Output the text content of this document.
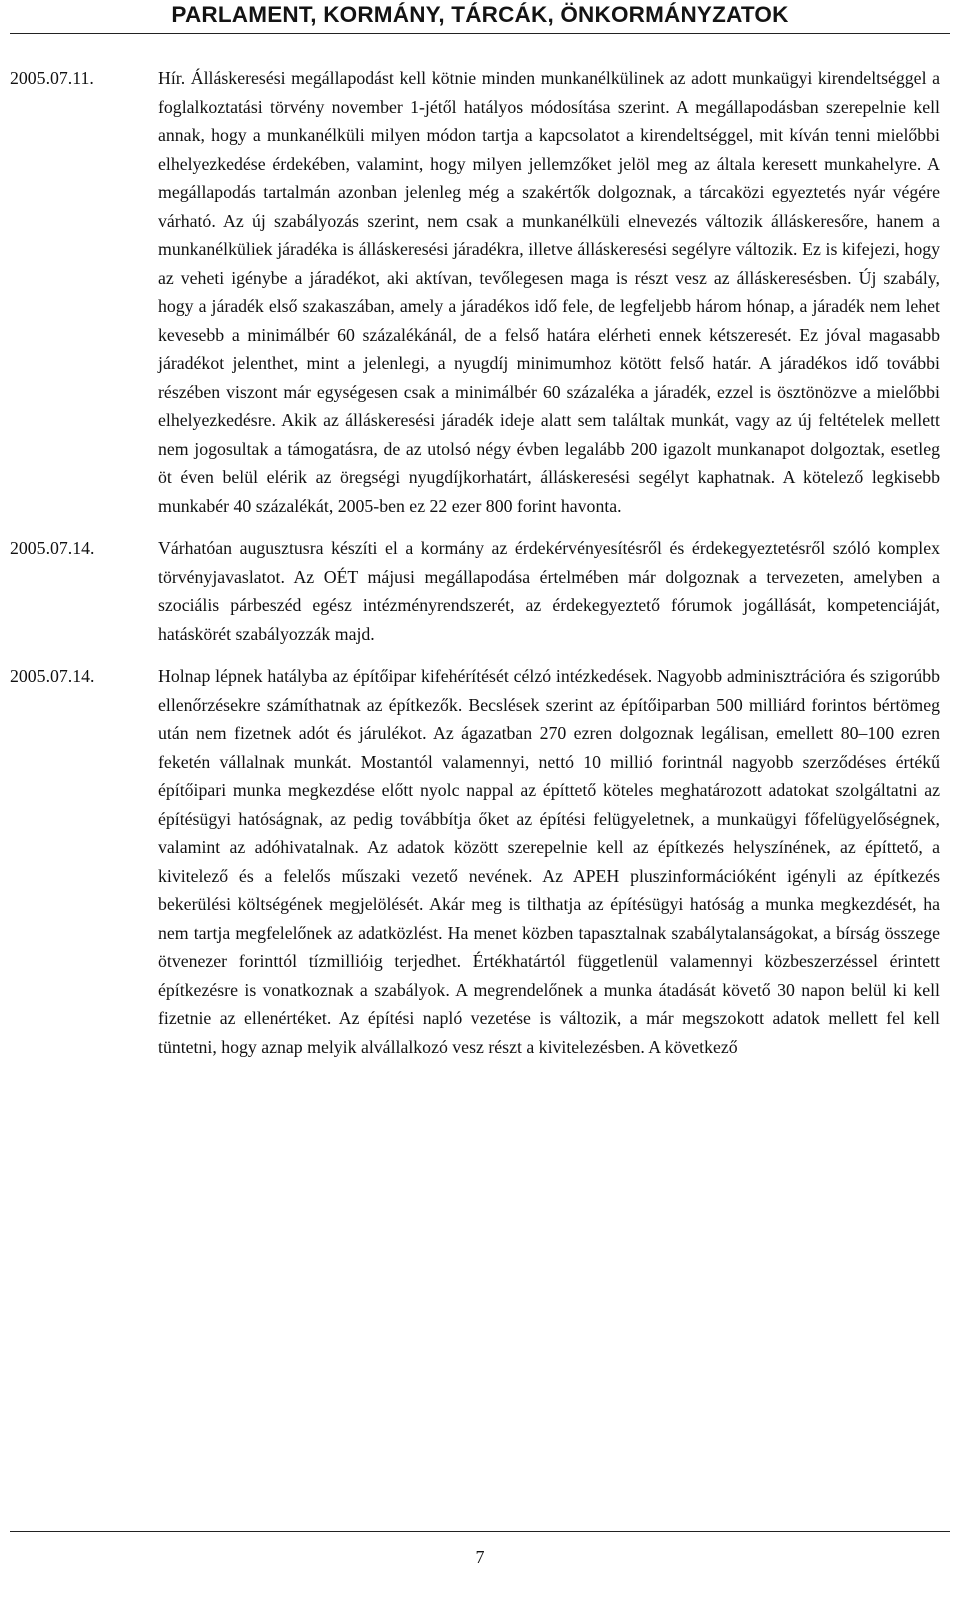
PARLAMENT, KORMÁNY, TÁRCÁK, ÖNKORMÁNYZATOK
2005.07.11.	Hír. Álláskeresési megállapodást kell kötnie minden munkanélkülinek az adott munkaügyi kirendeltséggel a foglalkoztatási törvény november 1-jétől hatályos módosítása szerint. A megállapodásban szerepelnie kell annak, hogy a munkanélküli milyen módon tartja a kapcsolatot a kirendeltséggel, mit kíván tenni mielőbbi elhelyezkedése érdekében, valamint, hogy milyen jellemzőket jelöl meg az általa keresett munkahelyre. A megállapodás tartalmán azonban jelenleg még a szakértők dolgoznak, a tárcaközi egyeztetés nyár végére várható. Az új szabályozás szerint, nem csak a munkanélküli elnevezés változik álláskeresőre, hanem a munkanélküliek járadéka is álláskeresési járadékra, illetve álláskeresési segélyre változik. Ez is kifejezi, hogy az veheti igénybe a járadékot, aki aktívan, tevőlegesen maga is részt vesz az álláskeresésben. Új szabály, hogy a járadék első szakaszában, amely a járadékos idő fele, de legfeljebb három hónap, a járadék nem lehet kevesebb a minimálbér 60 százalékánál, de a felső határa elérheti ennek kétszeresét. Ez jóval magasabb járadékot jelenthet, mint a jelenlegi, a nyugdíj minimumhoz kötött felső határ. A járadékos idő további részében viszont már egységesen csak a minimálbér 60 százaléka a járadék, ezzel is ösztönözve a mielőbbi elhelyezkedésre. Akik az álláskeresési járadék ideje alatt sem találtak munkát, vagy az új feltételek mellett nem jogosultak a támogatásra, de az utolsó négy évben legalább 200 igazolt munkanapot dolgoztak, esetleg öt éven belül elérik az öregségi nyugdíjkorhatárt, álláskeresési segélyt kaphatnak. A kötelező legkisebb munkabér 40 százalékát, 2005-ben ez 22 ezer 800 forint havonta.
2005.07.14.	Várhatóan augusztusra készíti el a kormány az érdekérvényesítésről és érdekegyeztetésről szóló komplex törvényjavaslatot. Az OÉT májusi megállapodása értelmében már dolgoznak a tervezeten, amelyben a szociális párbeszéd egész intézményrendszerét, az érdekegyeztető fórumok jogállását, kompetenciáját, hatáskörét szabályozzák majd.
2005.07.14.	Holnap lépnek hatályba az építőipar kifehérítését célzó intézkedések. Nagyobb adminisztrációra és szigorúbb ellenőrzésekre számíthatnak az építkezők. Becslések szerint az építőiparban 500 milliárd forintos bértömeg után nem fizetnek adót és járulékot. Az ágazatban 270 ezren dolgoznak legálisan, emellett 80–100 ezren feketén vállalnak munkát. Mostantól valamennyi, nettó 10 millió forintnál nagyobb szerződéses értékű építőipari munka megkezdése előtt nyolc nappal az építtető köteles meghatározott adatokat szolgáltatni az építésügyi hatóságnak, az pedig továbbítja őket az építési felügyeletnek, a munkaügyi főfelügyelőségnek, valamint az adóhivatalnak. Az adatok között szerepelnie kell az építkezés helyszínének, az építtető, a kivitelező és a felelős műszaki vezető nevének. Az APEH pluszinformációként igényli az építkezés bekerülési költségének megjelölését. Akár meg is tilthatja az építésügyi hatóság a munka megkezdését, ha nem tartja megfelelőnek az adatközlést. Ha menet közben tapasztalnak szabálytalanságokat, a bírság összege ötvenezer forinttól tízmillióig terjedhet. Értékhatártól függetlenül valamennyi közbeszerzéssel érintett építkezésre is vonatkoznak a szabályok. A megrendelőnek a munka átadását követő 30 napon belül ki kell fizetnie az ellenértéket. Az építési napló vezetése is változik, a már megszokott adatok mellett fel kell tüntetni, hogy aznap melyik alvállalkozó vesz részt a kivitelezésben. A következő
7
